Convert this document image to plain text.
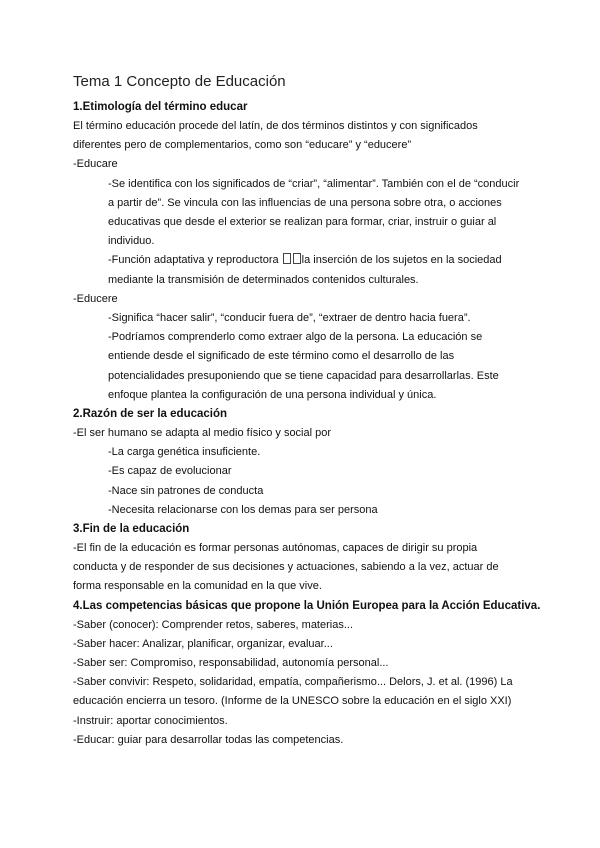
Tema 1 Concepto de Educación
1.Etimología del término educar

El término educación procede del latín, de dos términos distintos y con significados

diferentes pero de complementarios, como son “educare” y “educere”

-Educare

-Se identifica con los significados de “criar”, “alimentar”. También con el de “conducir

a partir de”. Se vincula con las influencias de una persona sobre otra, o acciones

educativas que desde el exterior se realizan para formar, criar, instruir o guiar al

individuo.

-Función adaptativa y reproductora la inserción de los sujetos en la sociedad

mediante la transmisión de determinados contenidos culturales.

-Educere

-Significa “hacer salir”, “conducir fuera de”, “extraer de dentro hacia fuera”.

-Podríamos comprenderlo como extraer algo de la persona. La educación se

entiende desde el significado de este término como el desarrollo de las

potencialidades presuponiendo que se tiene capacidad para desarrollarlas. Este

enfoque plantea la configuración de una persona individual y única.

2.Razón de ser la educación

-El ser humano se adapta al medio físico y social por

-La carga genética insuficiente.

-Es capaz de evolucionar

-Nace sin patrones de conducta

-Necesita relacionarse con los demas para ser persona

3.Fin de la educación

-El fin de la educación es formar personas autónomas, capaces de dirigir su propia

conducta y de responder de sus decisiones y actuaciones, sabiendo a la vez, actuar de

forma responsable en la comunidad en la que vive.

4.Las competencias básicas que propone la Unión Europea para la Acción Educativa.

-Saber (conocer): Comprender retos, saberes, materias...

-Saber hacer: Analizar, planificar, organizar, evaluar...

-Saber ser: Compromiso, responsabilidad, autonomía personal...

-Saber convivir: Respeto, solidaridad, empatía, compañerismo... Delors, J. et al. (1996) La

educación encierra un tesoro. (Informe de la UNESCO sobre la educación en el siglo XXI)

-Instruir: aportar conocimientos.

-Educar: guiar para desarrollar todas las competencias.
